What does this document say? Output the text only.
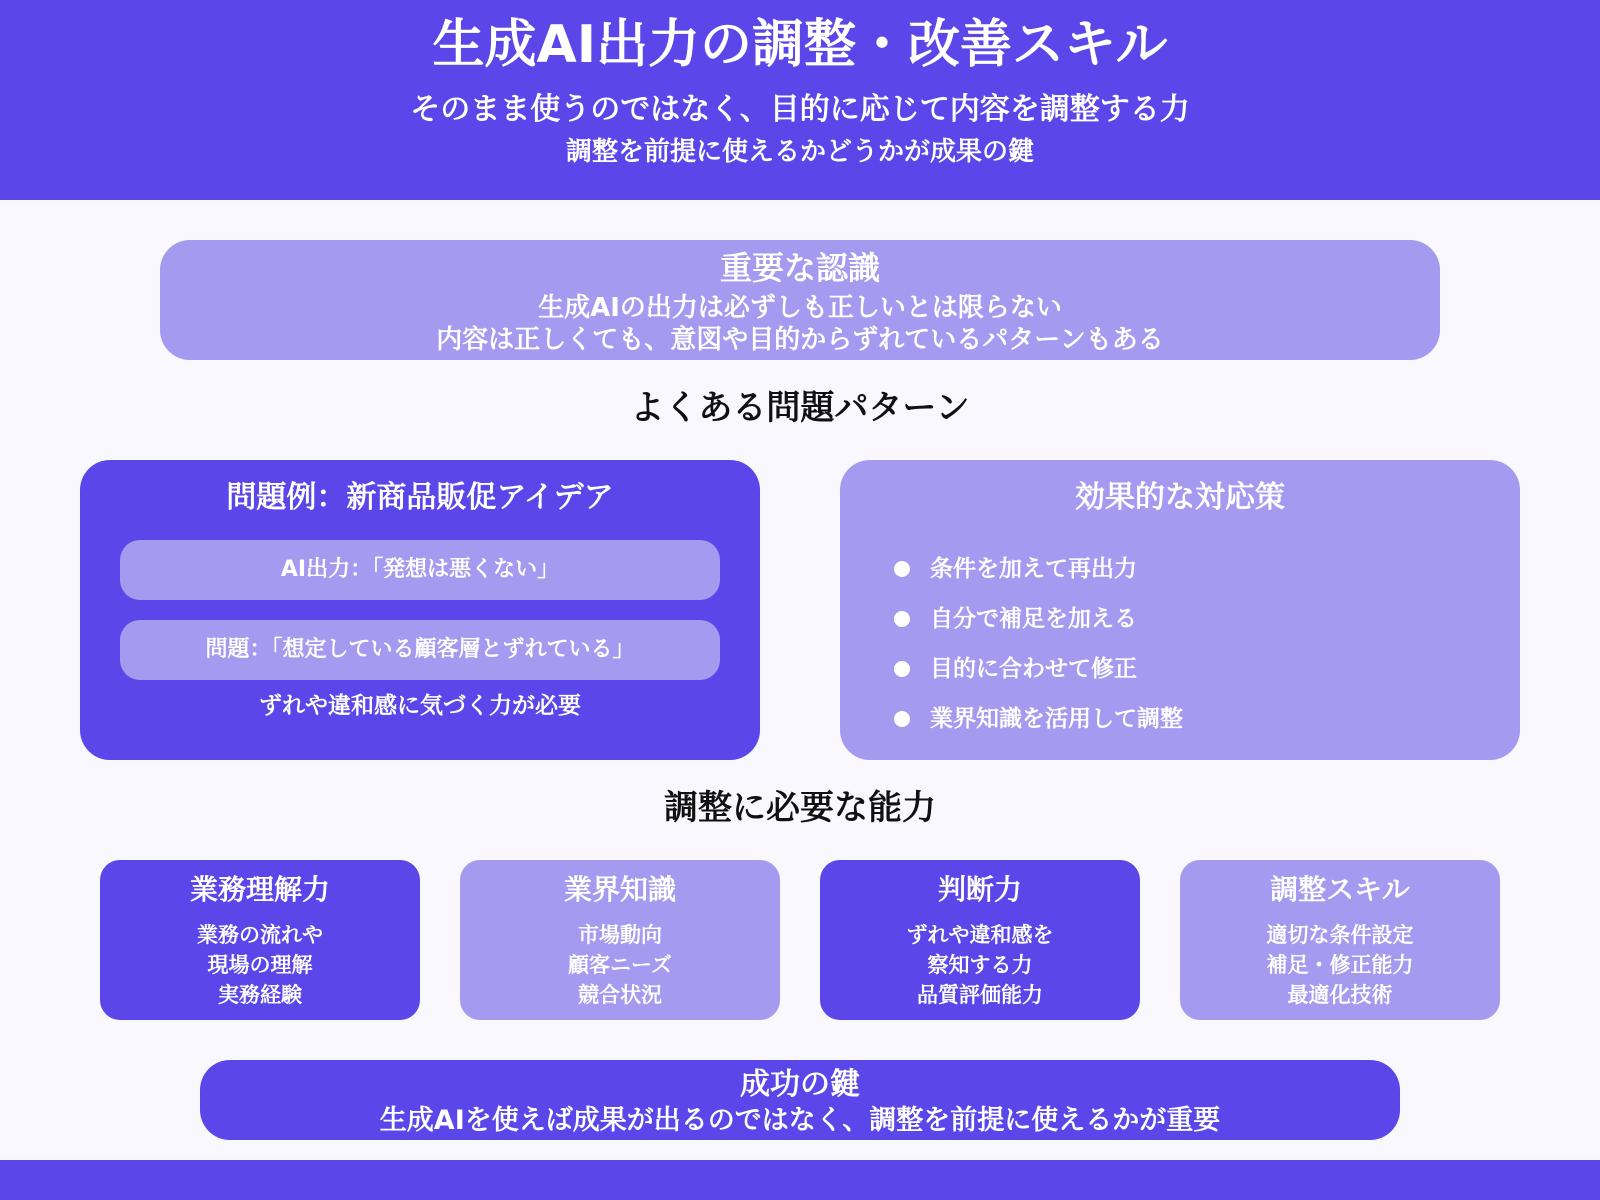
生成AI出力の調整・改善スキル
そのまま使うのではなく、目的に応じて内容を調整する力
調整を前提に使えるかどうかが成果の鍵
重要な認識
生成AIの出力は必ずしも正しいとは限らない
内容は正しくても、意図や目的からずれているパターンもある
よくある問題パターン
問題例：新商品販促アイデア
AI出力：「発想は悪くない」
問題：「想定している顧客層とずれている」
ずれや違和感に気づく力が必要
効果的な対応策
条件を加えて再出力
自分で補足を加える
目的に合わせて修正
業界知識を活用して調整
調整に必要な能力
業務理解力
業務の流れや
現場の理解
実務経験
業界知識
市場動向
顧客ニーズ
競合状況
判断力
ずれや違和感を
察知する力
品質評価能力
調整スキル
適切な条件設定
補足・修正能力
最適化技術
成功の鍵
生成AIを使えば成果が出るのではなく、調整を前提に使えるかが重要
